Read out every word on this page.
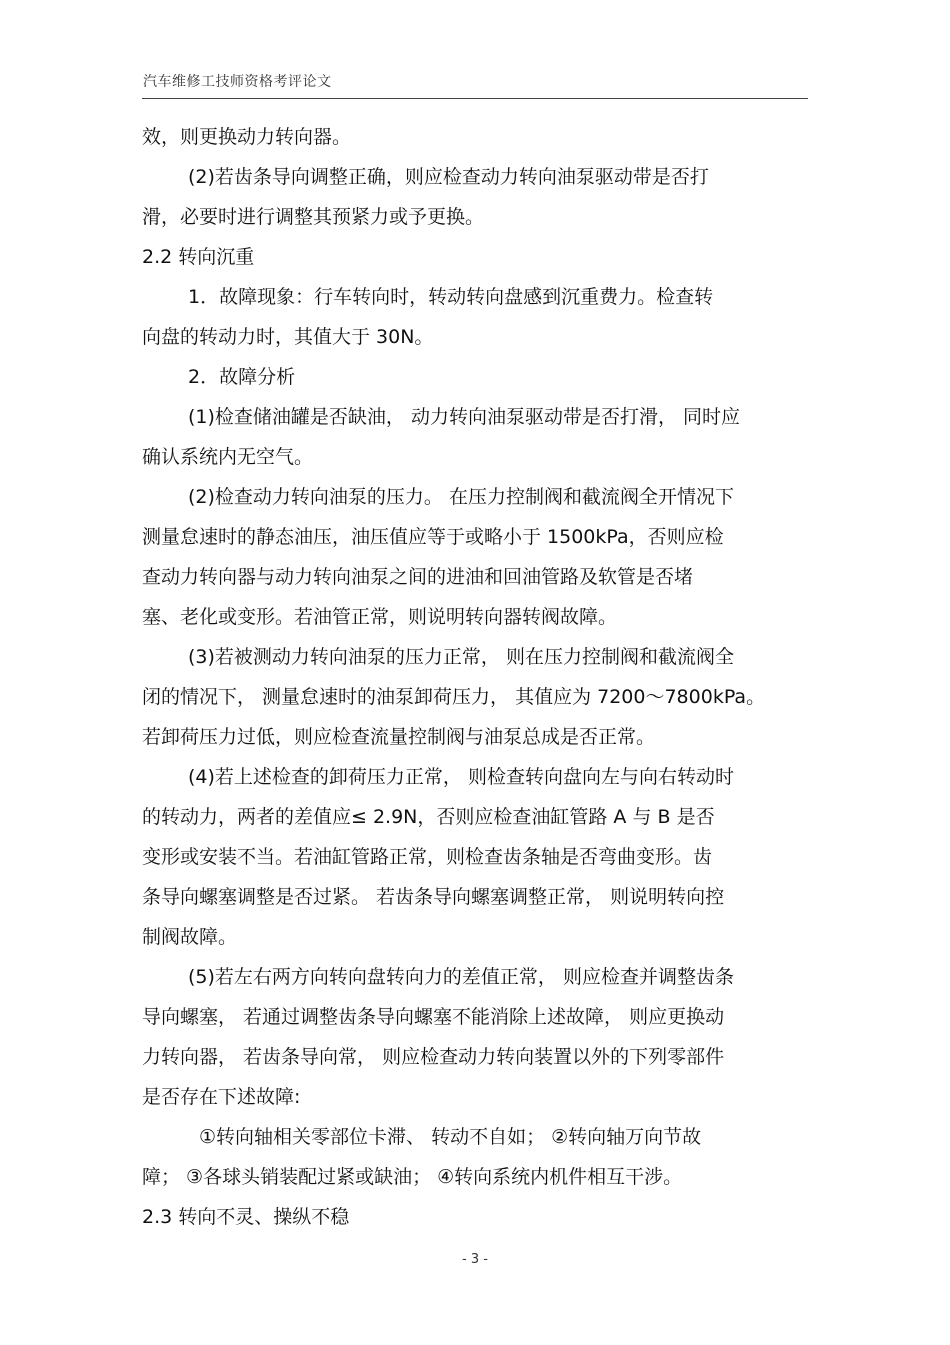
汽车维修工技师资格考评论文
效，则更换动力转向器。
(2)若齿条导向调整正确，则应检查动力转向油泵驱动带是否打
滑，必要时进行调整其预紧力或予更换。
2.2 转向沉重
1．故障现象：行车转向时，转动转向盘感到沉重费力。检查转
向盘的转动力时，其值大于 30N。
2．故障分析
(1)检查储油罐是否缺油， 动力转向油泵驱动带是否打滑， 同时应
确认系统内无空气。
(2)检查动力转向油泵的压力。 在压力控制阀和截流阀全开情况下
测量怠速时的静态油压，油压值应等于或略小于 1500kPa，否则应检
查动力转向器与动力转向油泵之间的进油和回油管路及软管是否堵
塞、老化或变形。若油管正常，则说明转向器转阀故障。
(3)若被测动力转向油泵的压力正常， 则在压力控制阀和截流阀全
闭的情况下， 测量怠速时的油泵卸荷压力， 其值应为 7200～7800kPa。
若卸荷压力过低，则应检查流量控制阀与油泵总成是否正常。
(4)若上述检查的卸荷压力正常， 则检查转向盘向左与向右转动时
的转动力，两者的差值应≤ 2.9N，否则应检查油缸管路 A 与 B 是否
变形或安装不当。若油缸管路正常，则检查齿条轴是否弯曲变形。齿
条导向螺塞调整是否过紧。 若齿条导向螺塞调整正常， 则说明转向控
制阀故障。
(5)若左右两方向转向盘转向力的差值正常， 则应检查并调整齿条
导向螺塞， 若通过调整齿条导向螺塞不能消除上述故障， 则应更换动
力转向器， 若齿条导向常， 则应检查动力转向装置以外的下列零部件
是否存在下述故障:
①转向轴相关零部位卡滞、 转动不自如； ②转向轴万向节故
障； ③各球头销装配过紧或缺油； ④转向系统内机件相互干涉。
2.3 转向不灵、操纵不稳
- 3 -
